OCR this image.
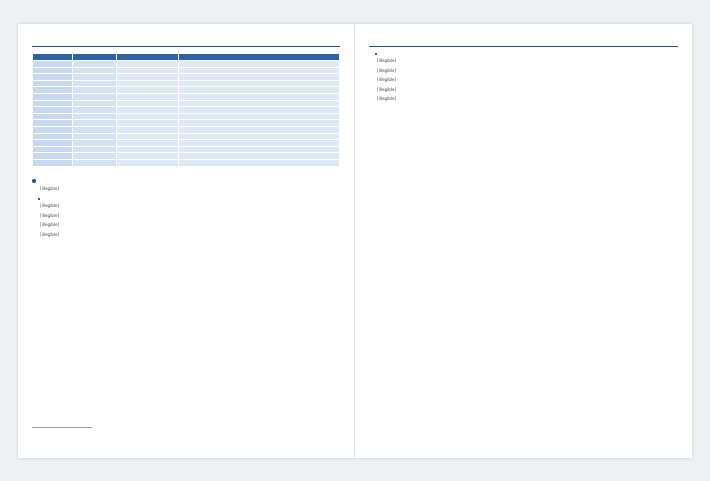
[illegible]

[illegible]

[illegible]

[illegible]

[illegible]

[illegible]

[illegible]

[illegible]

[illegible]

[illegible]
